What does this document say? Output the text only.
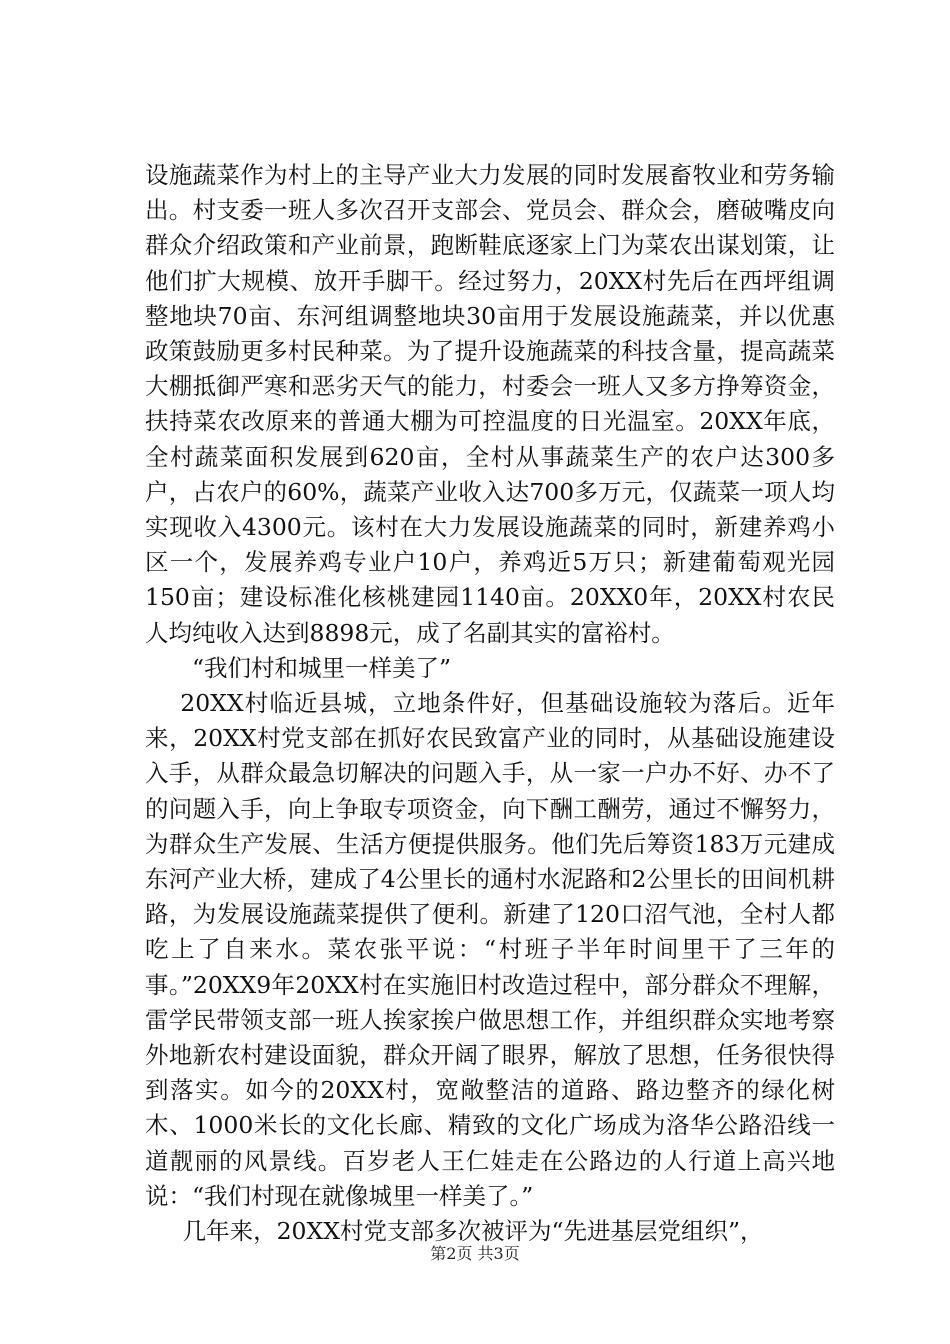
设施蔬菜作为村上的主导产业大力发展的同时发展畜牧业和劳务输出。村支委一班人多次召开支部会、党员会、群众会，磨破嘴皮向群众介绍政策和产业前景，跑断鞋底逐家上门为菜农出谋划策，让他们扩大规模、放开手脚干。经过努力，20XX村先后在西坪组调整地块70亩、东河组调整地块30亩用于发展设施蔬菜，并以优惠政策鼓励更多村民种菜。为了提升设施蔬菜的科技含量，提高蔬菜大棚抵御严寒和恶劣天气的能力，村委会一班人又多方挣筹资金，扶持菜农改原来的普通大棚为可控温度的日光温室。20XX年底，全村蔬菜面积发展到620亩，全村从事蔬菜生产的农户达300多户，占农户的60%，蔬菜产业收入达700多万元，仅蔬菜一项人均实现收入4300元。该村在大力发展设施蔬菜的同时，新建养鸡小区一个，发展养鸡专业户10户，养鸡近5万只；新建葡萄观光园150亩；建设标准化核桃建园1140亩。20XX0年，20XX村农民人均纯收入达到8898元，成了名副其实的富裕村。

“我们村和城里一样美了”

20XX村临近县城，立地条件好，但基础设施较为落后。近年来，20XX村党支部在抓好农民致富产业的同时，从基础设施建设入手，从群众最急切解决的问题入手，从一家一户办不好、办不了的问题入手，向上争取专项资金，向下酬工酬劳，通过不懈努力，为群众生产发展、生活方便提供服务。他们先后筹资183万元建成东河产业大桥，建成了4公里长的通村水泥路和2公里长的田间机耕路，为发展设施蔬菜提供了便利。新建了120口沼气池，全村人都吃上了自来水。菜农张平说：“村班子半年时间里干了三年的事。”20XX9年20XX村在实施旧村改造过程中，部分群众不理解，雷学民带领支部一班人挨家挨户做思想工作，并组织群众实地考察外地新农村建设面貌，群众开阔了眼界，解放了思想，任务很快得到落实。如今的20XX村，宽敞整洁的道路、路边整齐的绿化树木、1000米长的文化长廊、精致的文化广场成为洛华公路沿线一道靓丽的风景线。百岁老人王仁娃走在公路边的人行道上高兴地说：“我们村现在就像城里一样美了。”

几年来，20XX村党支部多次被评为“先进基层党组织”，

第2页 共3页
